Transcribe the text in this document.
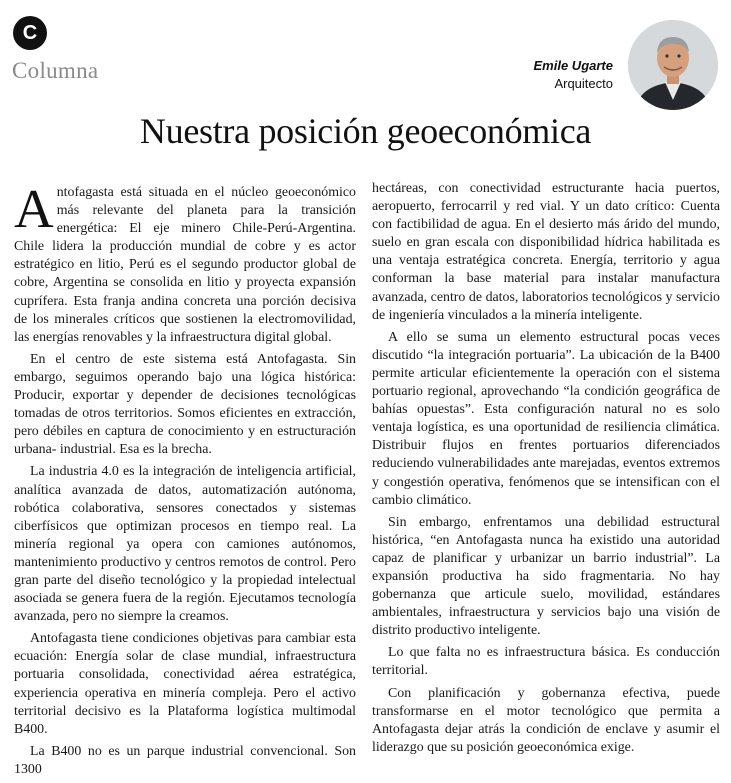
C
Columna	Emile Ugarte
Arquitecto
Nuestra posición geoeconómica

Antofagasta está situada en el núcleo geoeconómico más relevante del planeta para la transición energética: El eje minero Chile-Perú-Argentina. Chile lidera la producción mundial de cobre y es actor estratégico en litio, Perú es el segundo productor global de cobre, Argentina se consolida en litio y proyecta expansión cuprífera. Esta franja andina concreta una porción decisiva de los minerales críticos que sostienen la electromovilidad, las energías renovables y la infraestructura digital global.

En el centro de este sistema está Antofagasta. Sin embargo, seguimos operando bajo una lógica histórica: Producir, exportar y depender de decisiones tecnológicas tomadas de otros territorios. Somos eficientes en extracción, pero débiles en captura de conocimiento y en estructuración urbana- industrial. Esa es la brecha.

La industria 4.0 es la integración de inteligencia artificial, analítica avanzada de datos, automatización autónoma, robótica colaborativa, sensores conectados y sistemas ciberfísicos que optimizan procesos en tiempo real. La minería regional ya opera con camiones autónomos, mantenimiento productivo y centros remotos de control. Pero gran parte del diseño tecnológico y la propiedad intelectual asociada se genera fuera de la región. Ejecutamos tecnología avanzada, pero no siempre la creamos.

Antofagasta tiene condiciones objetivas para cambiar esta ecuación: Energía solar de clase mundial, infraestructura portuaria consolidada, conectividad aérea estratégica, experiencia operativa en minería compleja. Pero el activo territorial decisivo es la Plataforma logística multimodal B400.

La B400 no es un parque industrial convencional. Son 1300

hectáreas, con conectividad estructurante hacia puertos, aeropuerto, ferrocarril y red vial. Y un dato crítico: Cuenta con factibilidad de agua. En el desierto más árido del mundo, suelo en gran escala con disponibilidad hídrica habilitada es una ventaja estratégica concreta. Energía, territorio y agua conforman la base material para instalar manufactura avanzada, centro de datos, laboratorios tecnológicos y servicio de ingeniería vinculados a la minería inteligente.

A ello se suma un elemento estructural pocas veces discutido “la integración portuaria”. La ubicación de la B400 permite articular eficientemente la operación con el sistema portuario regional, aprovechando “la condición geográfica de bahías opuestas”. Esta configuración natural no es solo ventaja logística, es una oportunidad de resiliencia climática. Distribuir flujos en frentes portuarios diferenciados reduciendo vulnerabilidades ante marejadas, eventos extremos y congestión operativa, fenómenos que se intensifican con el cambio climático.

Sin embargo, enfrentamos una debilidad estructural histórica, “en Antofagasta nunca ha existido una autoridad capaz de planificar y urbanizar un barrio industrial”. La expansión productiva ha sido fragmentaria. No hay gobernanza que articule suelo, movilidad, estándares ambientales, infraestructura y servicios bajo una visión de distrito productivo inteligente.

Lo que falta no es infraestructura básica. Es conducción territorial.

Con planificación y gobernanza efectiva, puede transformarse en el motor tecnológico que permita a Antofagasta dejar atrás la condición de enclave y asumir el liderazgo que su posición geoeconómica exige.
